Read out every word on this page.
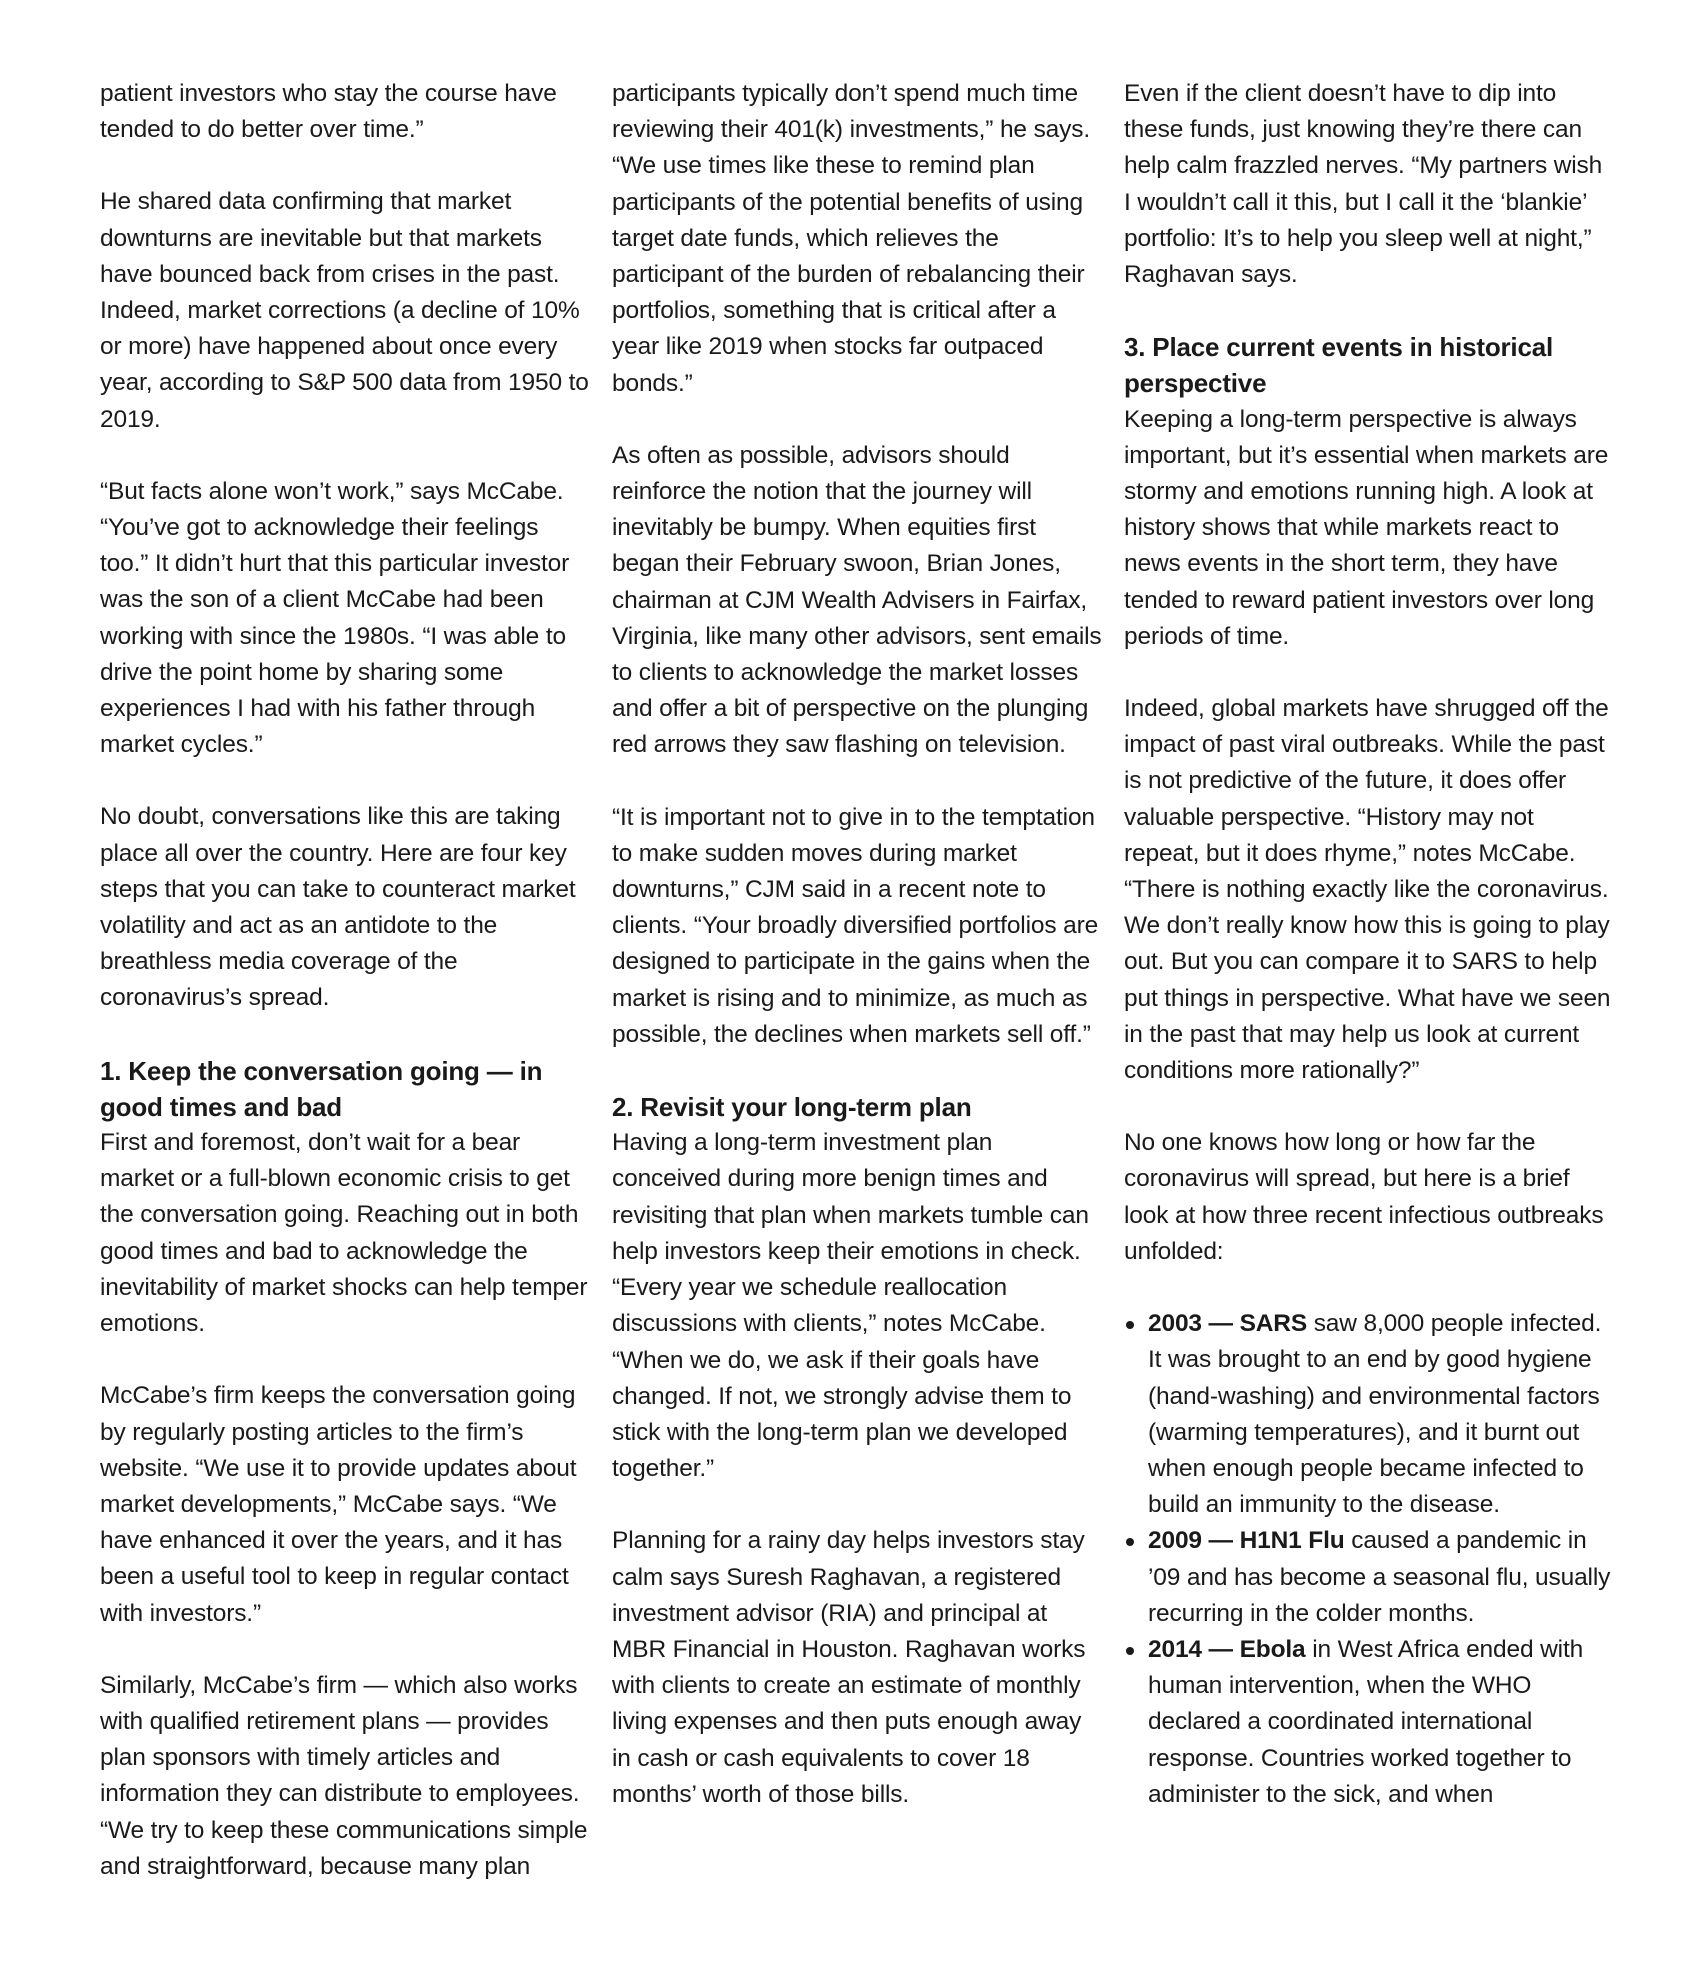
patient investors who stay the course have tended to do better over time.”

He shared data confirming that market downturns are inevitable but that markets have bounced back from crises in the past. Indeed, market corrections (a decline of 10% or more) have happened about once every year, according to S&P 500 data from 1950 to 2019.

“But facts alone won’t work,” says McCabe. “You’ve got to acknowledge their feelings too.” It didn’t hurt that this particular investor was the son of a client McCabe had been working with since the 1980s. “I was able to drive the point home by sharing some experiences I had with his father through market cycles.”

No doubt, conversations like this are taking place all over the country. Here are four key steps that you can take to counteract market volatility and act as an antidote to the breathless media coverage of the coronavirus’s spread.

1. Keep the conversation going — in good times and bad

First and foremost, don’t wait for a bear market or a full-blown economic crisis to get the conversation going. Reaching out in both good times and bad to acknowledge the inevitability of market shocks can help temper emotions.

McCabe’s firm keeps the conversation going by regularly posting articles to the firm’s website. “We use it to provide updates about market developments,” McCabe says. “We have enhanced it over the years, and it has been a useful tool to keep in regular contact with investors.”

Similarly, McCabe’s firm — which also works with qualified retirement plans — provides plan sponsors with timely articles and information they can distribute to employees. “We try to keep these communications simple and straightforward, because many plan

participants typically don’t spend much time reviewing their 401(k) investments,” he says. “We use times like these to remind plan participants of the potential benefits of using target date funds, which relieves the participant of the burden of rebalancing their portfolios, something that is critical after a year like 2019 when stocks far outpaced bonds.”

As often as possible, advisors should reinforce the notion that the journey will inevitably be bumpy. When equities first began their February swoon, Brian Jones, chairman at CJM Wealth Advisers in Fairfax, Virginia, like many other advisors, sent emails to clients to acknowledge the market losses and offer a bit of perspective on the plunging red arrows they saw flashing on television.

“It is important not to give in to the temptation to make sudden moves during market downturns,” CJM said in a recent note to clients. “Your broadly diversified portfolios are designed to participate in the gains when the market is rising and to minimize, as much as possible, the declines when markets sell off.”

2. Revisit your long-term plan

Having a long-term investment plan conceived during more benign times and revisiting that plan when markets tumble can help investors keep their emotions in check. “Every year we schedule reallocation discussions with clients,” notes McCabe. “When we do, we ask if their goals have changed. If not, we strongly advise them to stick with the long-term plan we developed together.”

Planning for a rainy day helps investors stay calm says Suresh Raghavan, a registered investment advisor (RIA) and principal at MBR Financial in Houston. Raghavan works with clients to create an estimate of monthly living expenses and then puts enough away in cash or cash equivalents to cover 18 months’ worth of those bills.

Even if the client doesn’t have to dip into these funds, just knowing they’re there can help calm frazzled nerves. “My partners wish I wouldn’t call it this, but I call it the ‘blankie’ portfolio: It’s to help you sleep well at night,” Raghavan says.

3. Place current events in historical perspective

Keeping a long-term perspective is always important, but it’s essential when markets are stormy and emotions running high. A look at history shows that while markets react to news events in the short term, they have tended to reward patient investors over long periods of time.

Indeed, global markets have shrugged off the impact of past viral outbreaks. While the past is not predictive of the future, it does offer valuable perspective. “History may not repeat, but it does rhyme,” notes McCabe. “There is nothing exactly like the coronavirus. We don’t really know how this is going to play out. But you can compare it to SARS to help put things in perspective. What have we seen in the past that may help us look at current conditions more rationally?”

No one knows how long or how far the coronavirus will spread, but here is a brief look at how three recent infectious outbreaks unfolded:

2003 — SARS saw 8,000 people infected. It was brought to an end by good hygiene (hand-washing) and environmental factors (warming temperatures), and it burnt out when enough people became infected to build an immunity to the disease.
2009 — H1N1 Flu caused a pandemic in ’09 and has become a seasonal flu, usually recurring in the colder months.
2014 — Ebola in West Africa ended with human intervention, when the WHO declared a coordinated international response. Countries worked together to administer to the sick, and when
